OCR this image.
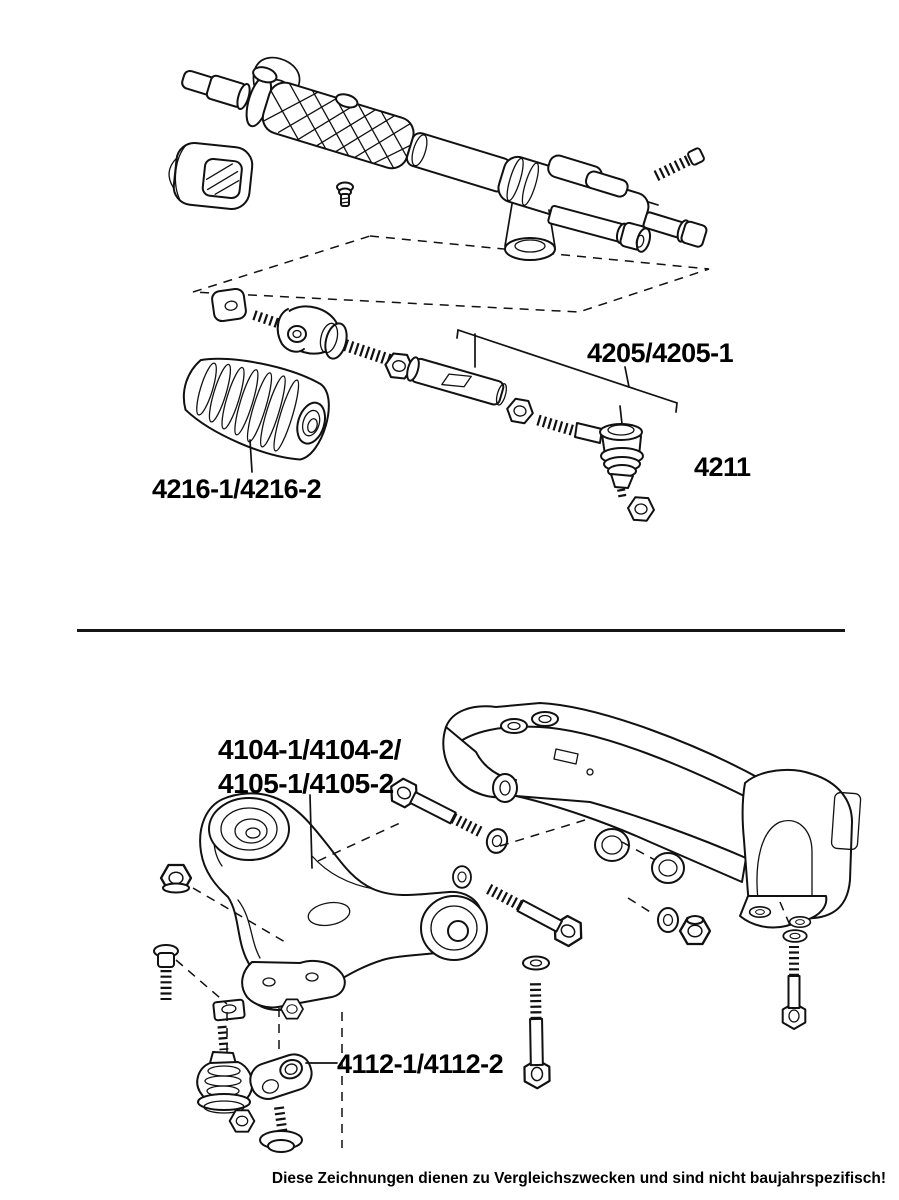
4205/4205-1
4211
4216-1/4216-2
4104-1/4104-2/
4105-1/4105-2
4112-1/4112-2
Diese Zeichnungen dienen zu Vergleichszwecken und sind nicht baujahrspezifisch!
